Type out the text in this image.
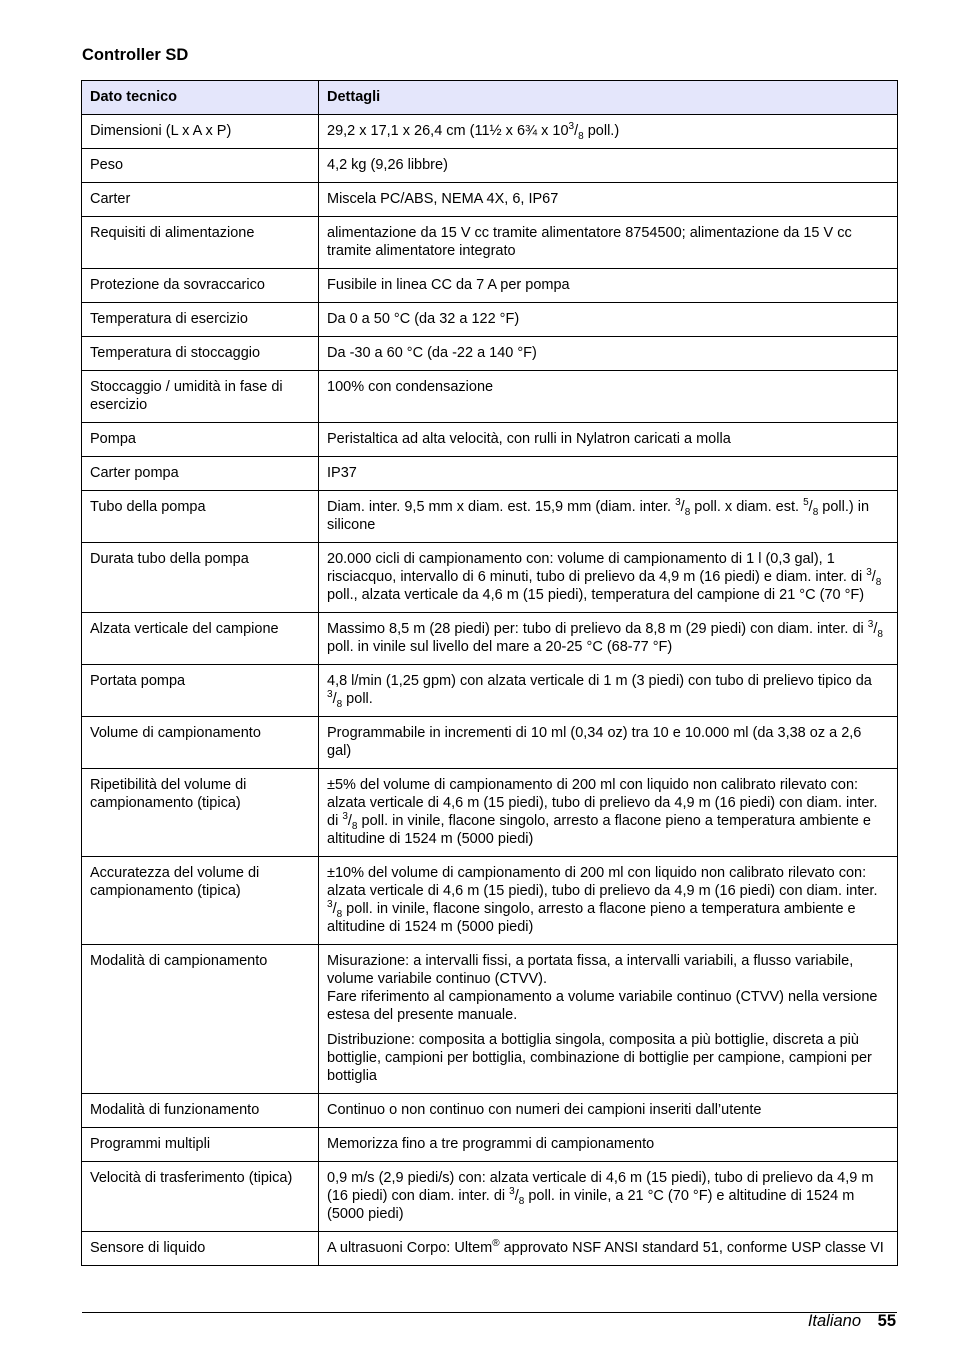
Controller SD
Dato tecnico	Dettagli
Dimensioni (L x A x P)	29,2 x 17,1 x 26,4 cm (11½ x 6¾ x $10^3/_8$ poll.)

Peso	4,2 kg (9,26 libbre)

Carter	Miscela PC/ABS, NEMA 4X, 6, IP67

Requisiti di alimentazione	alimentazione da 15 V cc tramite alimentatore 8754500; alimentazione da 15 V cc tramite alimentatore integrato

Protezione da sovraccarico	Fusibile in linea CC da 7 A per pompa

Temperatura di esercizio	Da 0 a 50 °C (da 32 a 122 °F)

Temperatura di stoccaggio	Da -30 a 60 °C (da -22 a 140 °F)

Stoccaggio / umidità in fase di esercizio	100% con condensazione

Pompa	Peristaltica ad alta velocità, con rulli in Nylatron caricati a molla

Carter pompa	IP37

Tubo della pompa	Diam. inter. 9,5 mm x diam. est. 15,9 mm (diam. inter. $^3/_8$ poll. x diam. est. $^5/_8$ poll.) in silicone

Durata tubo della pompa	20.000 cicli di campionamento con: volume di campionamento di 1 l (0,3 gal), 1 risciacquo, intervallo di 6 minuti, tubo di prelievo da 4,9 m (16 piedi) e diam. inter. di $^3/_8$ poll., alzata verticale da 4,6 m (15 piedi), temperatura del campione di 21 °C (70 °F)

Alzata verticale del campione	Massimo 8,5 m (28 piedi) per: tubo di prelievo da 8,8 m (29 piedi) con diam. inter. di $^3/_8$ poll. in vinile sul livello del mare a 20-25 °C (68-77 °F)

Portata pompa	4,8 l/min (1,25 gpm) con alzata verticale di 1 m (3 piedi) con tubo di prelievo tipico da $^3/_8$ poll.

Volume di campionamento	Programmabile in incrementi di 10 ml (0,34 oz) tra 10 e 10.000 ml (da 3,38 oz a 2,6 gal)

Ripetibilità del volume di campionamento (tipica)	±5% del volume di campionamento di 200 ml con liquido non calibrato rilevato con: alzata verticale di 4,6 m (15 piedi), tubo di prelievo da 4,9 m (16 piedi) con diam. inter. di $^3/_8$ poll. in vinile, flacone singolo, arresto a flacone pieno a temperatura ambiente e altitudine di 1524 m (5000 piedi)

Accuratezza del volume di campionamento (tipica)	±10% del volume di campionamento di 200 ml con liquido non calibrato rilevato con: alzata verticale di 4,6 m (15 piedi), tubo di prelievo da 4,9 m (16 piedi) con diam. inter. $^3/_8$ poll. in vinile, flacone singolo, arresto a flacone pieno a temperatura ambiente e altitudine di 1524 m (5000 piedi)

Modalità di campionamento	Misurazione: a intervalli fissi, a portata fissa, a intervalli variabili, a flusso variabile, volume variabile continuo (CTVV).
Fare riferimento al campionamento a volume variabile continuo (CTVV) nella versione estesa del presente manuale.
Distribuzione: composita a bottiglia singola, composita a più bottiglie, discreta a più bottiglie, campioni per bottiglia, combinazione di bottiglie per campione, campioni per bottiglia

Modalità di funzionamento	Continuo o non continuo con numeri dei campioni inseriti dall’utente

Programmi multipli	Memorizza fino a tre programmi di campionamento

Velocità di trasferimento (tipica)	0,9 m/s (2,9 piedi/s) con: alzata verticale di 4,6 m (15 piedi), tubo di prelievo da 4,9 m (16 piedi) con diam. inter. di $^3/_8$ poll. in vinile, a 21 °C (70 °F) e altitudine di 1524 m (5000 piedi)

Sensore di liquido	A ultrasuoni Corpo: Ultem® approvato NSF ANSI standard 51, conforme USP classe VI
Italiano 55
